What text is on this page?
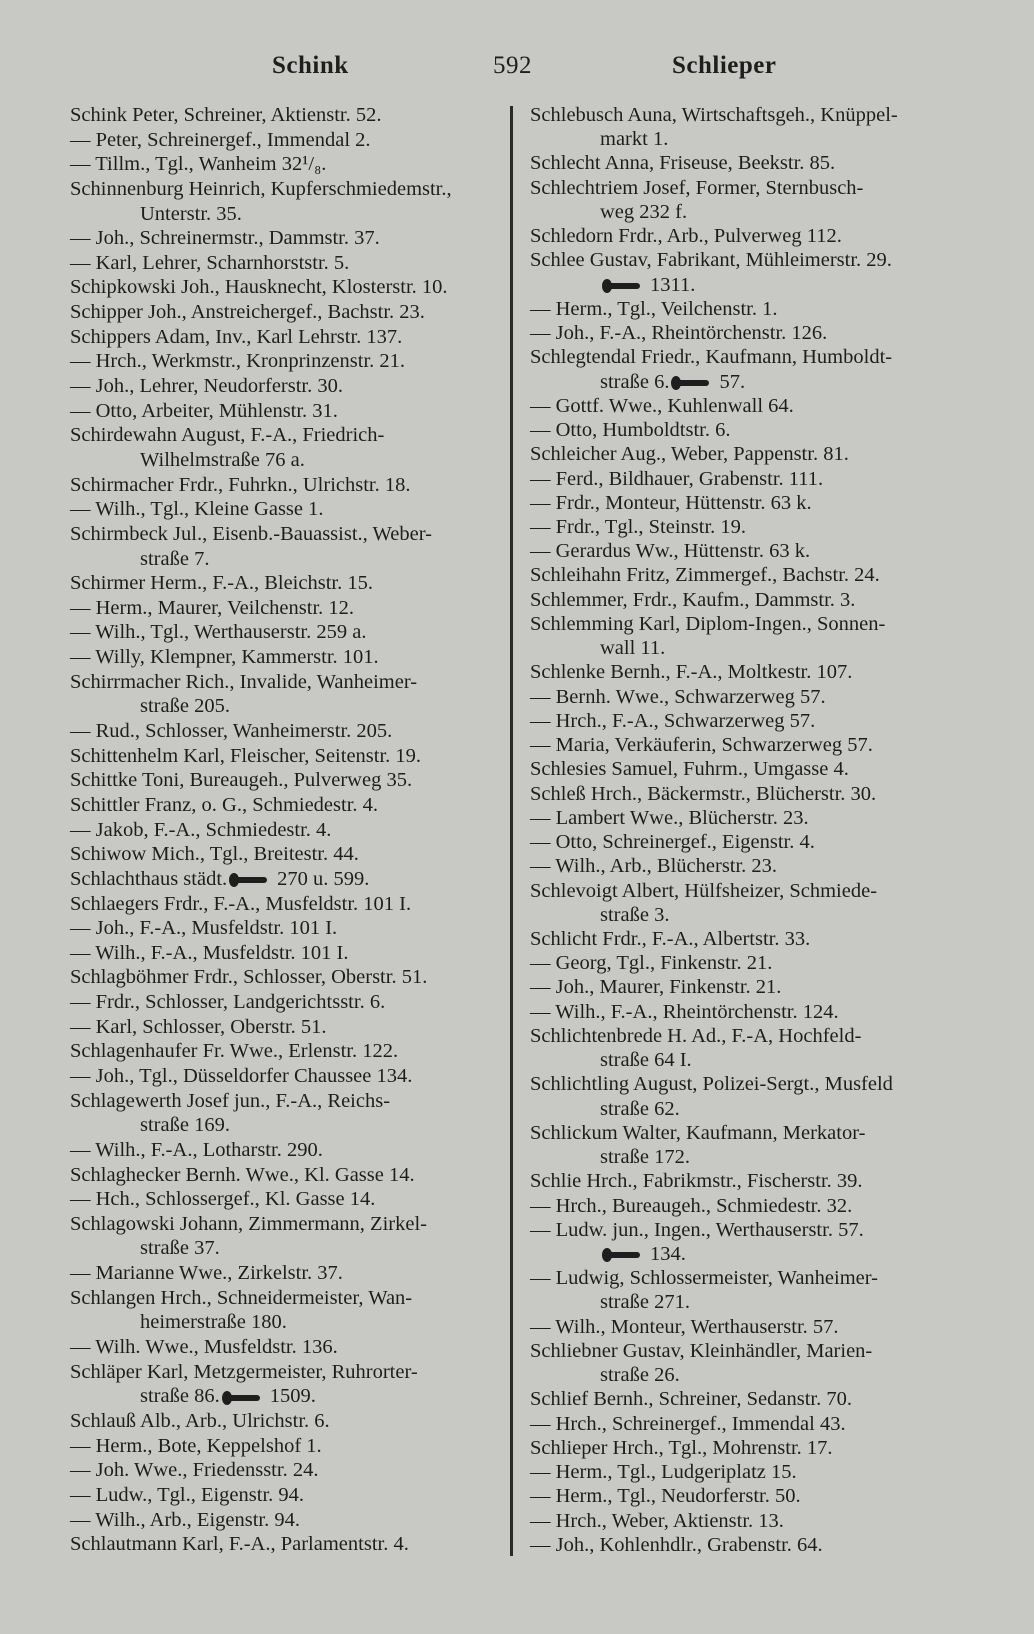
Schink	592	Schlieper
Schink Peter, Schreiner, Aktienstr. 52.
— Peter, Schreinergef., Immendal 2.
— Tillm., Tgl., Wanheim 32¹/₈.
Schinnenburg Heinrich, Kupferschmiedemstr.,
Unterstr. 35.
— Joh., Schreinermstr., Dammstr. 37.
— Karl, Lehrer, Scharnhorststr. 5.
Schipkowski Joh., Hausknecht, Klosterstr. 10.
Schipper Joh., Anstreichergef., Bachstr. 23.
Schippers Adam, Inv., Karl Lehrstr. 137.
— Hrch., Werkmstr., Kronprinzenstr. 21.
— Joh., Lehrer, Neudorferstr. 30.
— Otto, Arbeiter, Mühlenstr. 31.
Schirdewahn August, F.-A., Friedrich-
Wilhelmstraße 76 a.
Schirmacher Frdr., Fuhrkn., Ulrichstr. 18.
— Wilh., Tgl., Kleine Gasse 1.
Schirmbeck Jul., Eisenb.-Bauassist., Weber-
straße 7.
Schirmer Herm., F.-A., Bleichstr. 15.
— Herm., Maurer, Veilchenstr. 12.
— Wilh., Tgl., Werthauserstr. 259 a.
— Willy, Klempner, Kammerstr. 101.
Schirrmacher Rich., Invalide, Wanheimer-
straße 205.
— Rud., Schlosser, Wanheimerstr. 205.
Schittenhelm Karl, Fleischer, Seitenstr. 19.
Schittke Toni, Bureaugeh., Pulverweg 35.
Schittler Franz, o. G., Schmiedestr. 4.
— Jakob, F.-A., Schmiedestr. 4.
Schiwow Mich., Tgl., Breitestr. 44.
Schlachthaus städt. 270 u. 599.
Schlaegers Frdr., F.-A., Musfeldstr. 101 I.
— Joh., F.-A., Musfeldstr. 101 I.
— Wilh., F.-A., Musfeldstr. 101 I.
Schlagböhmer Frdr., Schlosser, Oberstr. 51.
— Frdr., Schlosser, Landgerichtsstr. 6.
— Karl, Schlosser, Oberstr. 51.
Schlagenhaufer Fr. Wwe., Erlenstr. 122.
— Joh., Tgl., Düsseldorfer Chaussee 134.
Schlagewerth Josef jun., F.-A., Reichs-
straße 169.
— Wilh., F.-A., Lotharstr. 290.
Schlaghecker Bernh. Wwe., Kl. Gasse 14.
— Hch., Schlossergef., Kl. Gasse 14.
Schlagowski Johann, Zimmermann, Zirkel-
straße 37.
— Marianne Wwe., Zirkelstr. 37.
Schlangen Hrch., Schneidermeister, Wan-
heimerstraße 180.
— Wilh. Wwe., Musfeldstr. 136.
Schläper Karl, Metzgermeister, Ruhrorter-
straße 86. 1509.
Schlauß Alb., Arb., Ulrichstr. 6.
— Herm., Bote, Keppelshof 1.
— Joh. Wwe., Friedensstr. 24.
— Ludw., Tgl., Eigenstr. 94.
— Wilh., Arb., Eigenstr. 94.
Schlautmann Karl, F.-A., Parlamentstr. 4.
Schlebusch Auna, Wirtschaftsgeh., Knüppel-
markt 1.
Schlecht Anna, Friseuse, Beekstr. 85.
Schlechtriem Josef, Former, Sternbusch-
weg 232 f.
Schledorn Frdr., Arb., Pulverweg 112.
Schlee Gustav, Fabrikant, Mühleimerstr. 29.
1311.
— Herm., Tgl., Veilchenstr. 1.
— Joh., F.-A., Rheintörchenstr. 126.
Schlegtendal Friedr., Kaufmann, Humboldt-
straße 6. 57.
— Gottf. Wwe., Kuhlenwall 64.
— Otto, Humboldtstr. 6.
Schleicher Aug., Weber, Pappenstr. 81.
— Ferd., Bildhauer, Grabenstr. 111.
— Frdr., Monteur, Hüttenstr. 63 k.
— Frdr., Tgl., Steinstr. 19.
— Gerardus Ww., Hüttenstr. 63 k.
Schleihahn Fritz, Zimmergef., Bachstr. 24.
Schlemmer, Frdr., Kaufm., Dammstr. 3.
Schlemming Karl, Diplom-Ingen., Sonnen-
wall 11.
Schlenke Bernh., F.-A., Moltkestr. 107.
— Bernh. Wwe., Schwarzerweg 57.
— Hrch., F.-A., Schwarzerweg 57.
— Maria, Verkäuferin, Schwarzerweg 57.
Schlesies Samuel, Fuhrm., Umgasse 4.
Schleß Hrch., Bäckermstr., Blücherstr. 30.
— Lambert Wwe., Blücherstr. 23.
— Otto, Schreinergef., Eigenstr. 4.
— Wilh., Arb., Blücherstr. 23.
Schlevoigt Albert, Hülfsheizer, Schmiede-
straße 3.
Schlicht Frdr., F.-A., Albertstr. 33.
— Georg, Tgl., Finkenstr. 21.
— Joh., Maurer, Finkenstr. 21.
— Wilh., F.-A., Rheintörchenstr. 124.
Schlichtenbrede H. Ad., F.-A, Hochfeld-
straße 64 I.
Schlichtling August, Polizei-Sergt., Musfeld
straße 62.
Schlickum Walter, Kaufmann, Merkator-
straße 172.
Schlie Hrch., Fabrikmstr., Fischerstr. 39.
— Hrch., Bureaugeh., Schmiedestr. 32.
— Ludw. jun., Ingen., Werthauserstr. 57.
134.
— Ludwig, Schlossermeister, Wanheimer-
straße 271.
— Wilh., Monteur, Werthauserstr. 57.
Schliebner Gustav, Kleinhändler, Marien-
straße 26.
Schlief Bernh., Schreiner, Sedanstr. 70.
— Hrch., Schreinergef., Immendal 43.
Schlieper Hrch., Tgl., Mohrenstr. 17.
— Herm., Tgl., Ludgeriplatz 15.
— Herm., Tgl., Neudorferstr. 50.
— Hrch., Weber, Aktienstr. 13.
— Joh., Kohlenhdlr., Grabenstr. 64.
